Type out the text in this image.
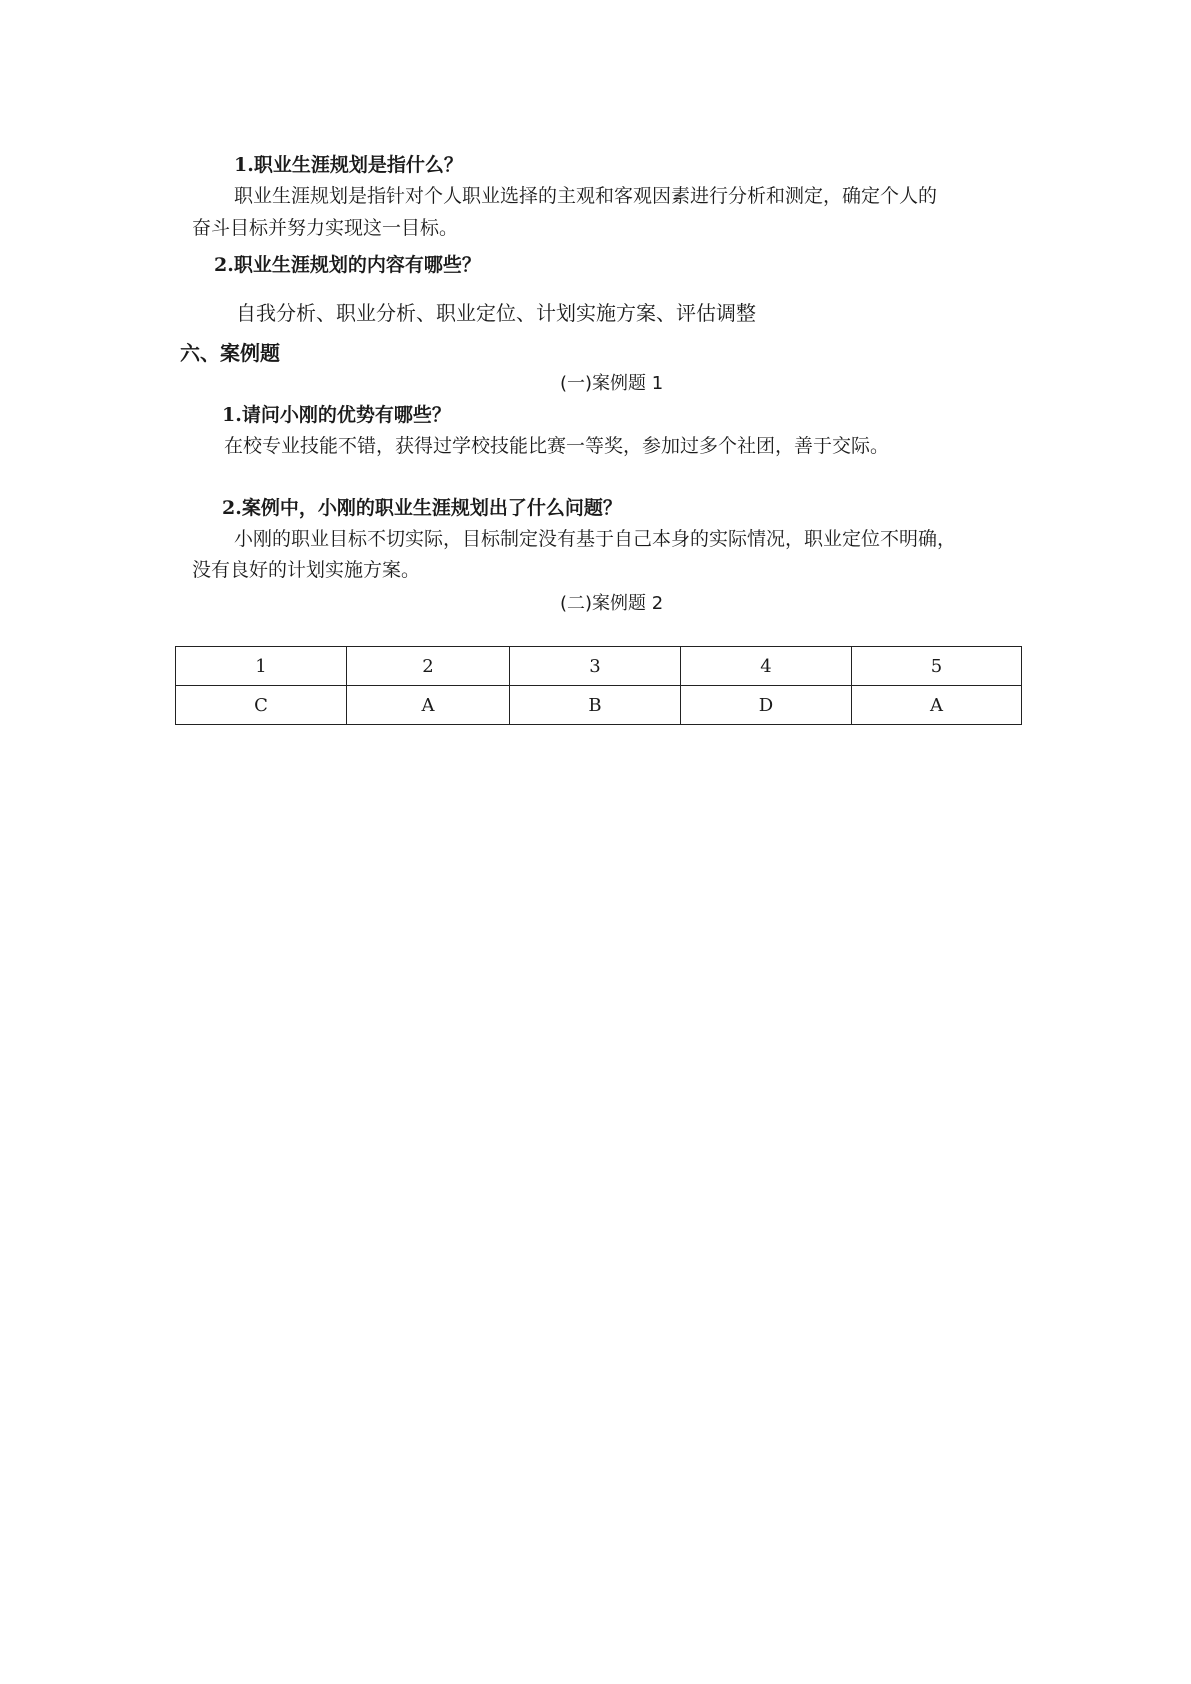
1.职业生涯规划是指什么？
职业生涯规划是指针对个人职业选择的主观和客观因素进行分析和测定，确定个人的
奋斗目标并努力实现这一目标。
2.职业生涯规划的内容有哪些？
自我分析、职业分析、职业定位、计划实施方案、评估调整
六、案例题
(一)案例题 1
1.请问小刚的优势有哪些？
在校专业技能不错，获得过学校技能比赛一等奖，参加过多个社团，善于交际。
2.案例中，小刚的职业生涯规划出了什么问题？
小刚的职业目标不切实际，目标制定没有基于自己本身的实际情况，职业定位不明确，
没有良好的计划实施方案。
(二)案例题 2
1	2	3	4	5
C	A	B	D	A
